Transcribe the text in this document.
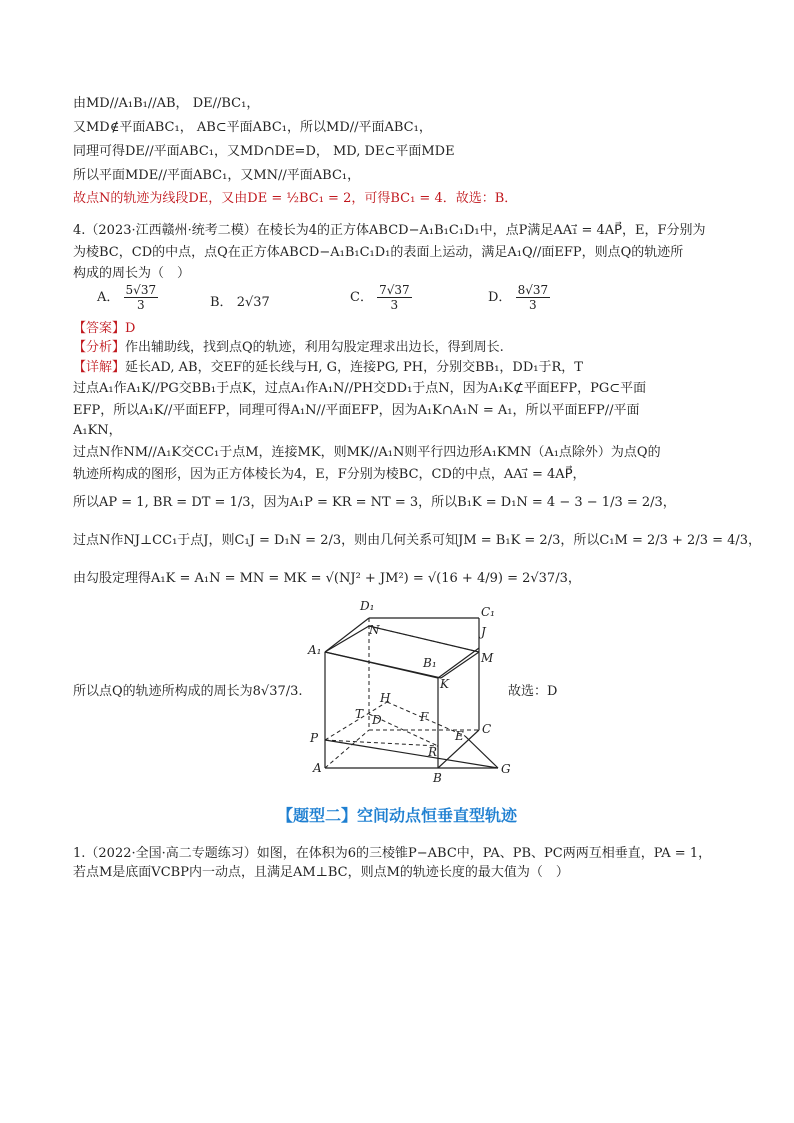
由MD//A₁B₁//AB， DE//BC₁，
又MD∉平面ABC₁， AB⊂平面ABC₁，所以MD//平面ABC₁，
同理可得DE//平面ABC₁，又MD∩DE=D， MD, DE⊂平面MDE
所以平面MDE//平面ABC₁，又MN//平面ABC₁，
故点N的轨迹为线段DE，又由DE = ½BC₁ = 2，可得BC₁ = 4．故选：B．
4.（2023·江西赣州·统考二模）在棱长为4的正方体ABCD−A₁B₁C₁D₁中，点P满足AA₁⃗ = 4AP⃗，E，F分别为
为棱BC，CD的中点，点Q在正方体ABCD−A₁B₁C₁D₁的表面上运动，满足A₁Q//面EFP，则点Q的轨迹所
构成的周长为（　）
A． $\frac{5√37}{3}$	B． 2√37	C． $\frac{7√37}{3}$	D． $\frac{8√37}{3}$
【答案】D
【分析】作出辅助线，找到点Q的轨迹，利用勾股定理求出边长，得到周长.
【详解】延长AD, AB，交EF的延长线与H, G，连接PG, PH，分别交BB₁，DD₁于R，T
过点A₁作A₁K//PG交BB₁于点K，过点A₁作A₁N//PH交DD₁于点N，因为A₁K⊄平面EFP，PG⊂平面
EFP，所以A₁K//平面EFP，同理可得A₁N//平面EFP，因为A₁K∩A₁N = A₁，所以平面EFP//平面
A₁KN，
过点N作NM//A₁K交CC₁于点M，连接MK，则MK//A₁N则平行四边形A₁KMN（A₁点除外）为点Q的
轨迹所构成的图形，因为正方体棱长为4，E，F分别为棱BC，CD的中点，AA₁⃗ = 4AP⃗，
所以AP = 1, BR = DT = 1/3，因为A₁P = KR = NT = 3，所以B₁K = D₁N = 4 − 3 − 1/3 = 2/3，
过点N作NJ⊥CC₁于点J，则C₁J = D₁N = 2/3，则由几何关系可知JM = B₁K = 2/3，所以C₁M = 2/3 + 2/3 = 4/3，
由勾股定理得A₁K = A₁N = MN = MK = √(NJ² + JM²) = √(16 + 4/9) = 2√37/3，
所以点Q的轨迹所构成的周长为8√37/3.	故选：D
D₁	C₁
A₁
B₁
N	J
M
K
H
T D	F
P	E C
R
A
B
G
【题型二】空间动点恒垂直型轨迹
1.（2022·全国·高二专题练习）如图，在体积为6的三棱锥P−ABC中，PA、PB、PC两两互相垂直，PA = 1，
若点M是底面VCBP内一动点，且满足AM⊥BC，则点M的轨迹长度的最大值为（　）
